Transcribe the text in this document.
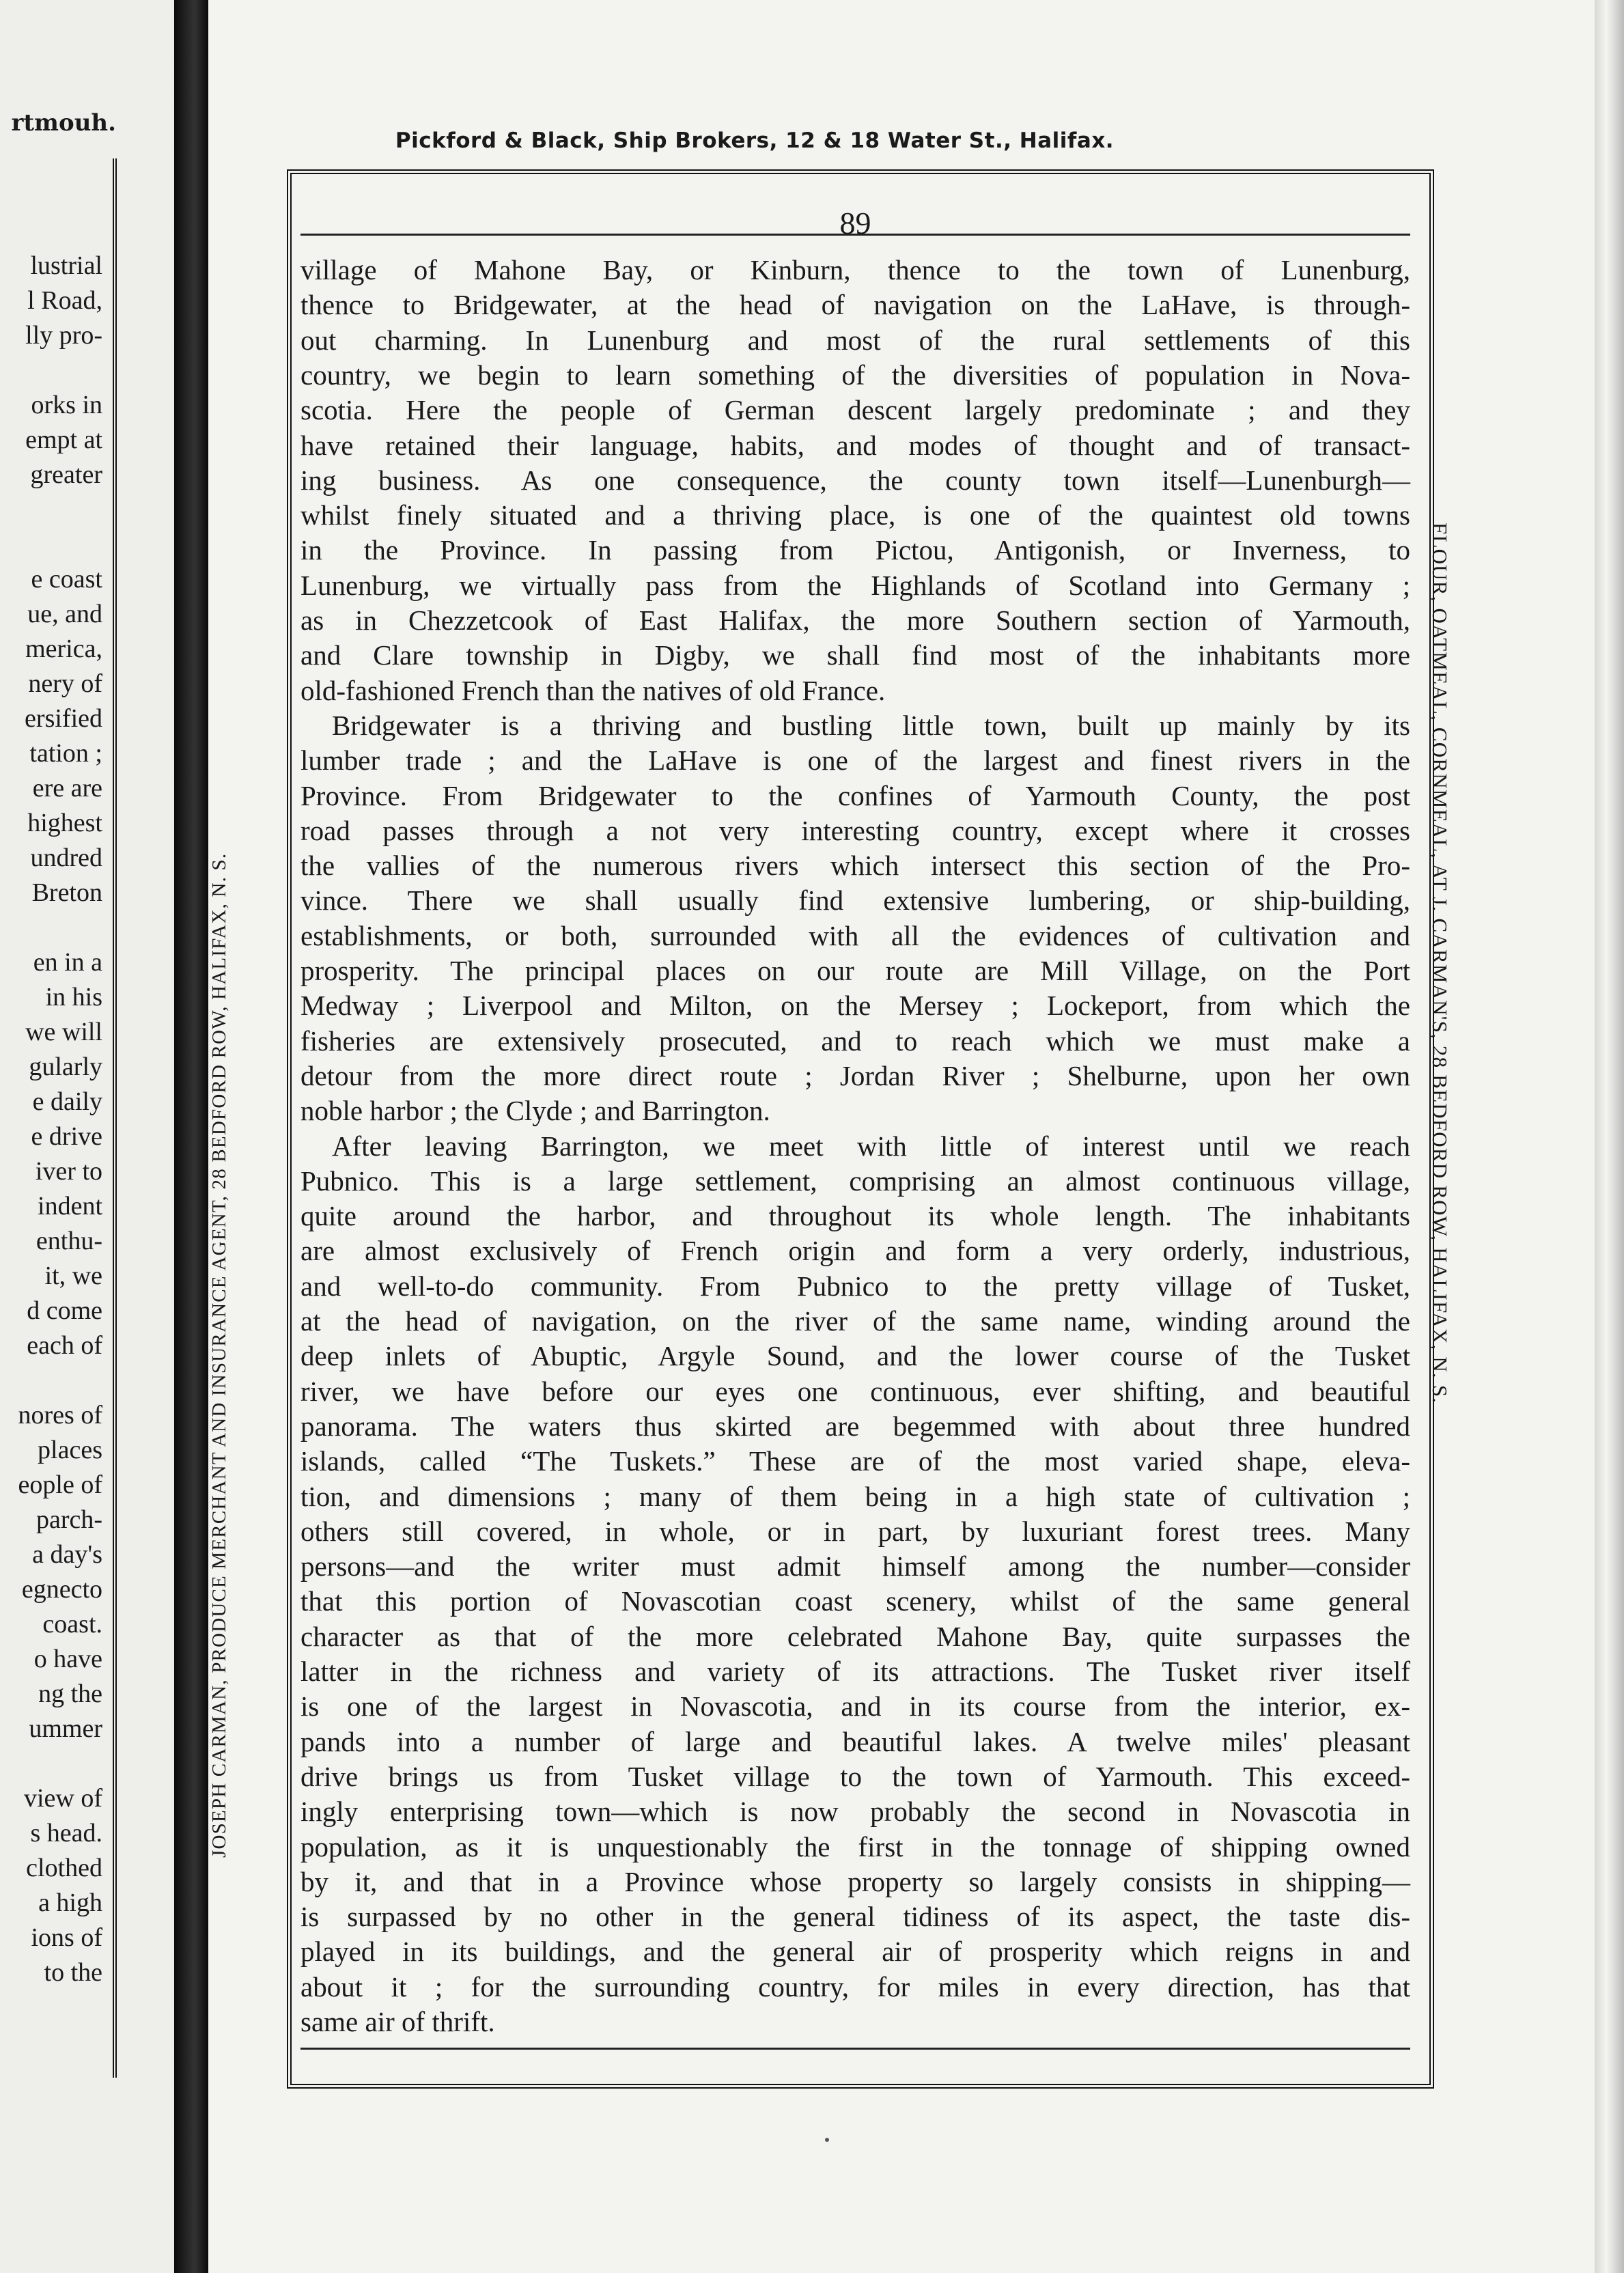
rtmouh.
lustrial
l Road,
lly pro-
orks in
empt at
greater
e coast
ue, and
merica,
nery of
ersified
tation ;
ere are
highest
undred
Breton
en in a
in his
we will
gularly
e daily
e drive
iver to
indent
enthu-
it, we
d come
each of
nores of
places
eople of
parch-
a day's
egnecto
coast.
o have
ng the
ummer
view of
s head.
clothed
a high
ions of
to the
Pickford & Black, Ship Brokers, 12 & 18 Water St., Halifax.
JOSEPH CARMAN, PRODUCE MERCHANT AND INSURANCE AGENT, 28 BEDFORD ROW, HALIFAX, N. S.	FLOUR, OATMEAL, CORNMEAL, AT J. CARMAN'S, 28 BEDFORD ROW, HALIFAX, N. S.
89
village of Mahone Bay, or Kinburn, thence to the town of Lunenburg,
thence to Bridgewater, at the head of navigation on the LaHave, is through-
out charming. In Lunenburg and most of the rural settlements of this
country, we begin to learn something of the diversities of population in Nova-
scotia. Here the people of German descent largely predominate ; and they
have retained their language, habits, and modes of thought and of transact-
ing business. As one consequence, the county town itself—Lunenburgh—
whilst finely situated and a thriving place, is one of the quaintest old towns
in the Province. In passing from Pictou, Antigonish, or Inverness, to
Lunenburg, we virtually pass from the Highlands of Scotland into Germany ;
as in Chezzetcook of East Halifax, the more Southern section of Yarmouth,
and Clare township in Digby, we shall find most of the inhabitants more
old-fashioned French than the natives of old France.
Bridgewater is a thriving and bustling little town, built up mainly by its
lumber trade ; and the LaHave is one of the largest and finest rivers in the
Province. From Bridgewater to the confines of Yarmouth County, the post
road passes through a not very interesting country, except where it crosses
the vallies of the numerous rivers which intersect this section of the Pro-
vince. There we shall usually find extensive lumbering, or ship-building,
establishments, or both, surrounded with all the evidences of cultivation and
prosperity. The principal places on our route are Mill Village, on the Port
Medway ; Liverpool and Milton, on the Mersey ; Lockeport, from which the
fisheries are extensively prosecuted, and to reach which we must make a
detour from the more direct route ; Jordan River ; Shelburne, upon her own
noble harbor ; the Clyde ; and Barrington.
After leaving Barrington, we meet with little of interest until we reach
Pubnico. This is a large settlement, comprising an almost continuous village,
quite around the harbor, and throughout its whole length. The inhabitants
are almost exclusively of French origin and form a very orderly, industrious,
and well-to-do community. From Pubnico to the pretty village of Tusket,
at the head of navigation, on the river of the same name, winding around the
deep inlets of Abuptic, Argyle Sound, and the lower course of the Tusket
river, we have before our eyes one continuous, ever shifting, and beautiful
panorama. The waters thus skirted are begemmed with about three hundred
islands, called “The Tuskets.” These are of the most varied shape, eleva-
tion, and dimensions ; many of them being in a high state of cultivation ;
others still covered, in whole, or in part, by luxuriant forest trees. Many
persons—and the writer must admit himself among the number—consider
that this portion of Novascotian coast scenery, whilst of the same general
character as that of the more celebrated Mahone Bay, quite surpasses the
latter in the richness and variety of its attractions. The Tusket river itself
is one of the largest in Novascotia, and in its course from the interior, ex-
pands into a number of large and beautiful lakes. A twelve miles' pleasant
drive brings us from Tusket village to the town of Yarmouth. This exceed-
ingly enterprising town—which is now probably the second in Novascotia in
population, as it is unquestionably the first in the tonnage of shipping owned
by it, and that in a Province whose property so largely consists in shipping—
is surpassed by no other in the general tidiness of its aspect, the taste dis-
played in its buildings, and the general air of prosperity which reigns in and
about it ; for the surrounding country, for miles in every direction, has that
same air of thrift.
